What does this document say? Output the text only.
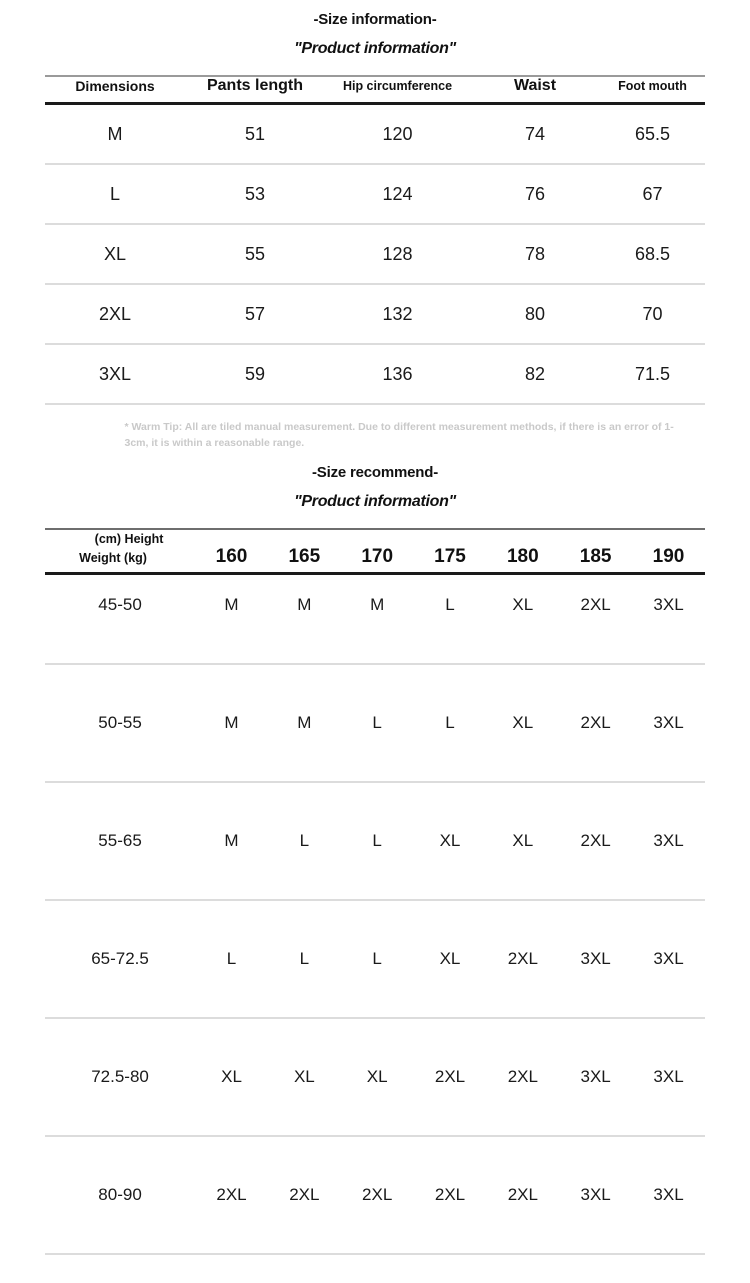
-Size information-
"Product information"
Dimensions	Pants length	Hip circumference	Waist	Foot mouth
M	51	120	74	65.5

L	53	124	76	67

XL	55	128	78	68.5

2XL	57	132	80	70

3XL	59	136	82	71.5

* Warm Tip: All are tiled manual measurement. Due to different measurement methods, if there is an error of 1-3cm, it is within a reasonable range.
-Size recommend-
"Product information"
(cm) Height
Weight (kg)	160	165	170	175	180	185	190
45-50	M	M	M	L	XL	2XL	3XL

50-55	M	M	L	L	XL	2XL	3XL

55-65	M	L	L	XL	XL	2XL	3XL

65-72.5	L	L	L	XL	2XL	3XL	3XL

72.5-80	XL	XL	XL	2XL	2XL	3XL	3XL

80-90	2XL	2XL	2XL	2XL	2XL	3XL	3XL
